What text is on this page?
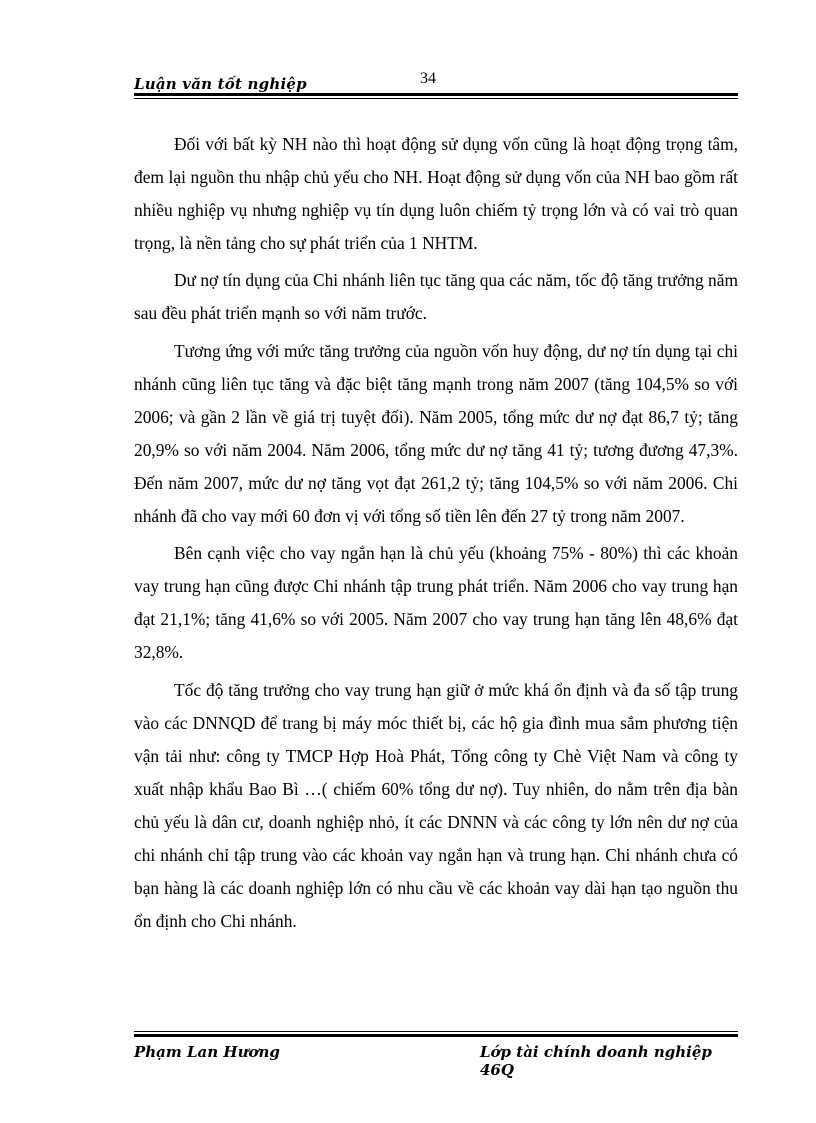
Luận văn tốt nghiệp	34

Đối với bất kỳ NH nào thì hoạt động sử dụng vốn cũng là hoạt động trọng tâm, đem lại nguồn thu nhập chủ yếu cho NH. Hoạt động sử dụng vốn của NH bao gồm rất nhiều nghiệp vụ nhưng nghiệp vụ tín dụng luôn chiếm tỷ trọng lớn và có vai trò quan trọng, là nền tảng cho sự phát triển của 1 NHTM.

Dư nợ tín dụng của Chi nhánh liên tục tăng qua các năm, tốc độ tăng trưởng năm sau đều phát triển mạnh so với năm trước.

Tương ứng với mức tăng trưởng của nguồn vốn huy động, dư nợ tín dụng tại chi nhánh cũng liên tục tăng và đặc biệt tăng mạnh trong năm 2007 (tăng 104,5% so với 2006; và gần 2 lần về giá trị tuyệt đối). Năm 2005, tổng mức dư nợ đạt 86,7 tỷ; tăng 20,9% so với năm 2004. Năm 2006, tổng mức dư nợ tăng 41 tỷ; tương đương 47,3%. Đến năm 2007, mức dư nợ tăng vọt đạt 261,2 tỷ; tăng 104,5% so với năm 2006. Chi nhánh đã cho vay mới 60 đơn vị với tổng số tiền lên đến 27 tỷ trong năm 2007.

Bên cạnh việc cho vay ngắn hạn là chủ yếu (khoảng 75% - 80%) thì các khoản vay trung hạn cũng được Chi nhánh tập trung phát triển. Năm 2006 cho vay trung hạn đạt 21,1%; tăng 41,6% so với 2005. Năm 2007 cho vay trung hạn tăng lên 48,6% đạt 32,8%.

Tốc độ tăng trưởng cho vay trung hạn giữ ở mức khá ổn định và đa số tập trung vào các DNNQD để trang bị máy móc thiết bị, các hộ gia đình mua sắm phương tiện vận tải như: công ty TMCP Hợp Hoà Phát, Tổng công ty Chè Việt Nam và công ty xuất nhập khẩu Bao Bì …( chiếm 60% tổng dư nợ). Tuy nhiên, do nằm trên địa bàn chủ yếu là dân cư, doanh nghiệp nhỏ, ít các DNNN và các công ty lớn nên dư nợ của chi nhánh chỉ tập trung vào các khoản vay ngắn hạn và trung hạn. Chi nhánh chưa có bạn hàng là các doanh nghiệp lớn có nhu cầu về các khoản vay dài hạn tạo nguồn thu ổn định cho Chi nhánh.

Phạm Lan Hương	Lớp tài chính doanh nghiệp 46Q
